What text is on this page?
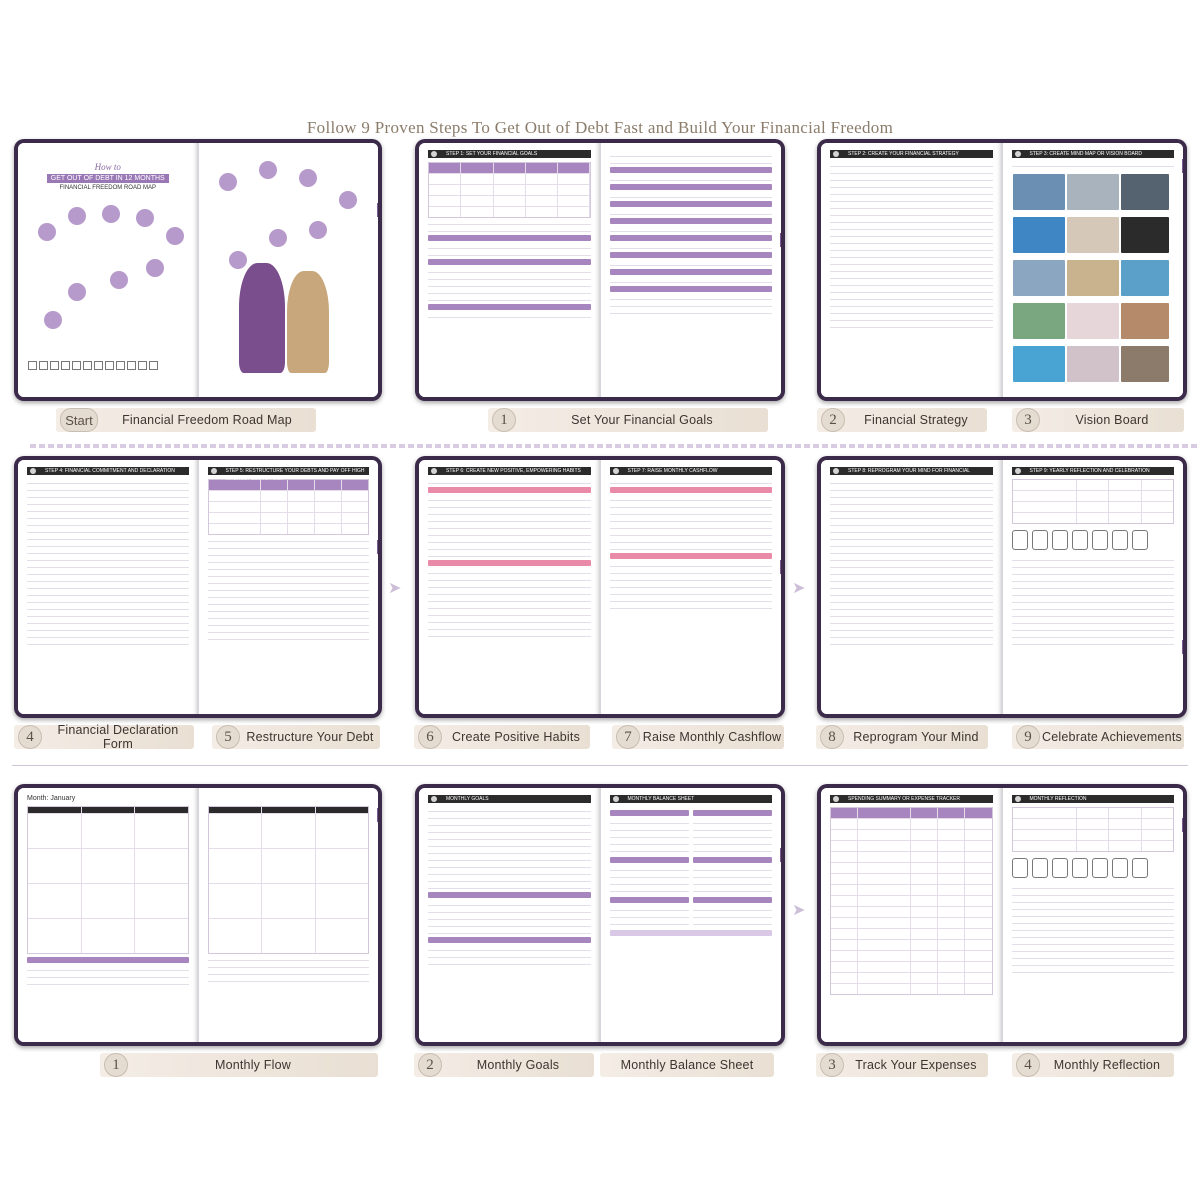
Follow 9 Proven Steps To Get Out of Debt Fast and Build Your Financial Freedom
How to
GET OUT OF DEBT IN 12 MONTHS
FINANCIAL FREEDOM ROAD MAP
STEP 1: SET YOUR FINANCIAL GOALS	STEP 2: CREATE YOUR FINANCIAL STRATEGY	STEP 3: CREATE MIND MAP OR VISION BOARD

Start	Financial Freedom Road Map	1	Set Your Financial Goals	2	Financial Strategy	3	Vision Board
STEP 4: FINANCIAL COMMITMENT AND DECLARATION FORM
STEP 5: RESTRUCTURE YOUR DEBTS AND PAY OFF HIGH INTEREST DEBTS FIRST
STEP 6: CREATE NEW POSITIVE, EMPOWERING HABITS	STEP 7: RAISE MONTHLY CASHFLOW	STEP 8: REPROGRAM YOUR MIND FOR FINANCIAL SUCCESS
STEP 9: YEARLY REFLECTION AND CELEBRATION
➤
➤
4	Financial Declaration Form	5	Restructure Your Debt	6	Create Positive Habits	7 Raise Monthly Cashflow	8	Reprogram Your Mind	9 Celebrate Achievements
Month: January	MONTHLY GOALS	MONTHLY BALANCE SHEET	SPENDING SUMMARY OR EXPENSE TRACKER	MONTHLY REFLECTION
➤
1	Monthly Flow	2	Monthly Goals	Monthly Balance Sheet	3	Track Your Expenses	4	Monthly Reflection
